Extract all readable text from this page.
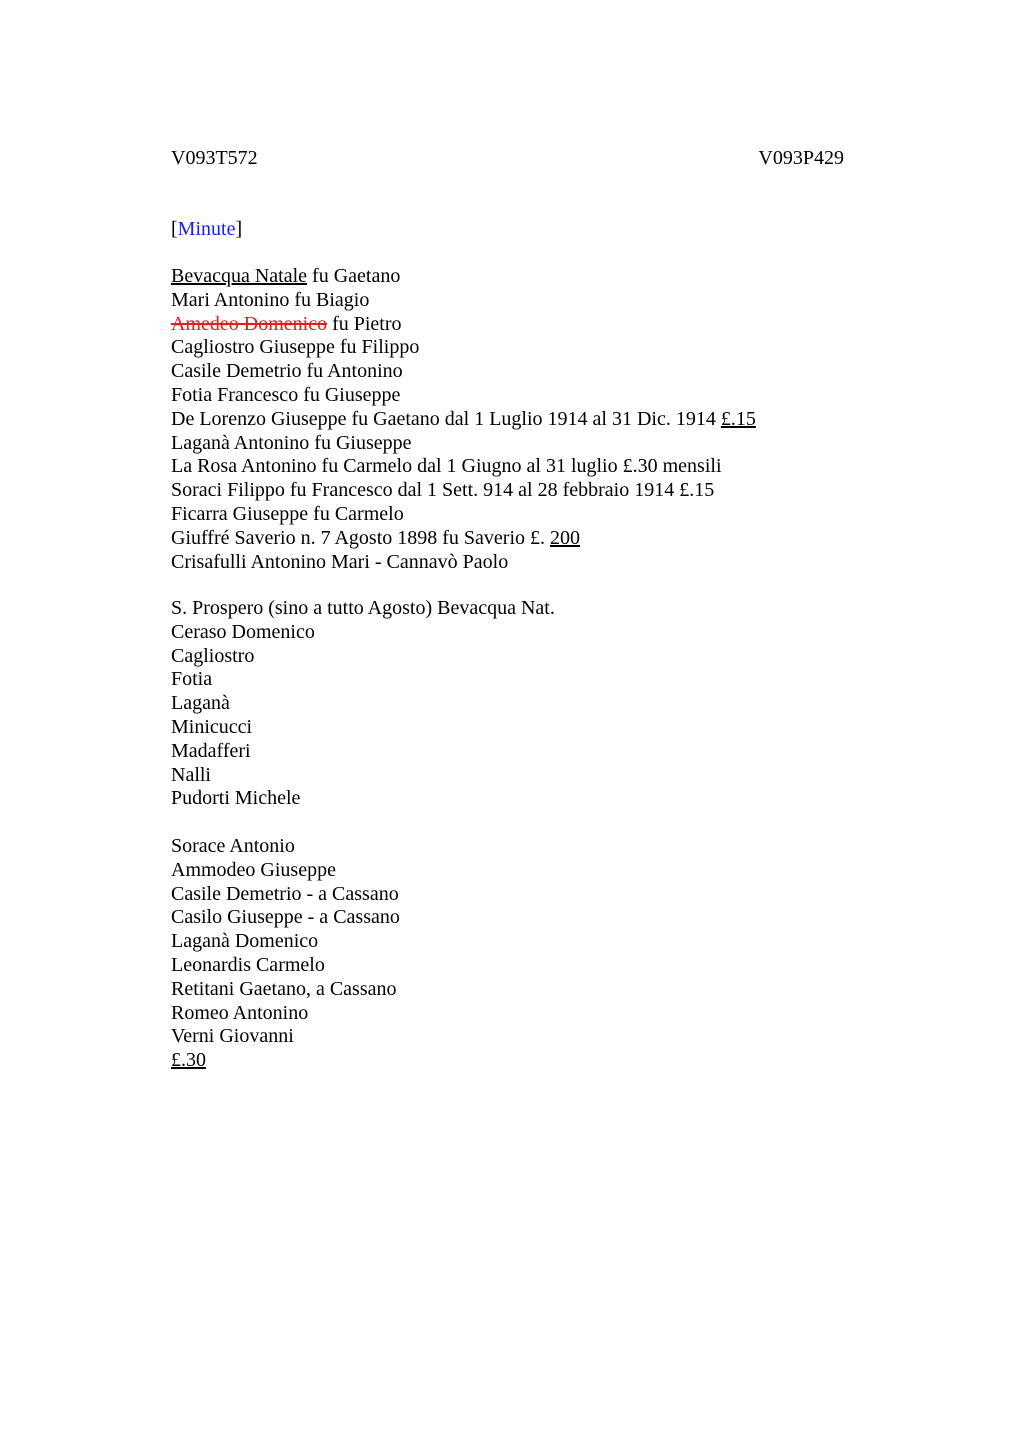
V093T572	V093P429
[Minute]
Bevacqua Natale fu Gaetano
Mari Antonino fu Biagio
Amedeo Domenico fu Pietro
Cagliostro Giuseppe fu Filippo
Casile Demetrio fu Antonino
Fotia Francesco fu Giuseppe
De Lorenzo Giuseppe fu Gaetano dal 1 Luglio 1914 al 31 Dic. 1914 £.15
Laganà Antonino fu Giuseppe
La Rosa Antonino fu Carmelo dal 1 Giugno al 31 luglio £.30 mensili
Soraci Filippo fu Francesco dal 1 Sett. 914 al 28 febbraio 1914 £.15
Ficarra Giuseppe fu Carmelo
Giuffré Saverio n. 7 Agosto 1898 fu Saverio £. 200
Crisafulli Antonino Mari - Cannavò Paolo
S. Prospero (sino a tutto Agosto) Bevacqua Nat.
Ceraso Domenico
Cagliostro
Fotia
Laganà
Minicucci
Madafferi
Nalli
Pudorti Michele
Sorace Antonio
Ammodeo Giuseppe
Casile Demetrio - a Cassano
Casilo Giuseppe - a Cassano
Laganà Domenico
Leonardis Carmelo
Retitani Gaetano, a Cassano
Romeo Antonino
Verni Giovanni
£.30
